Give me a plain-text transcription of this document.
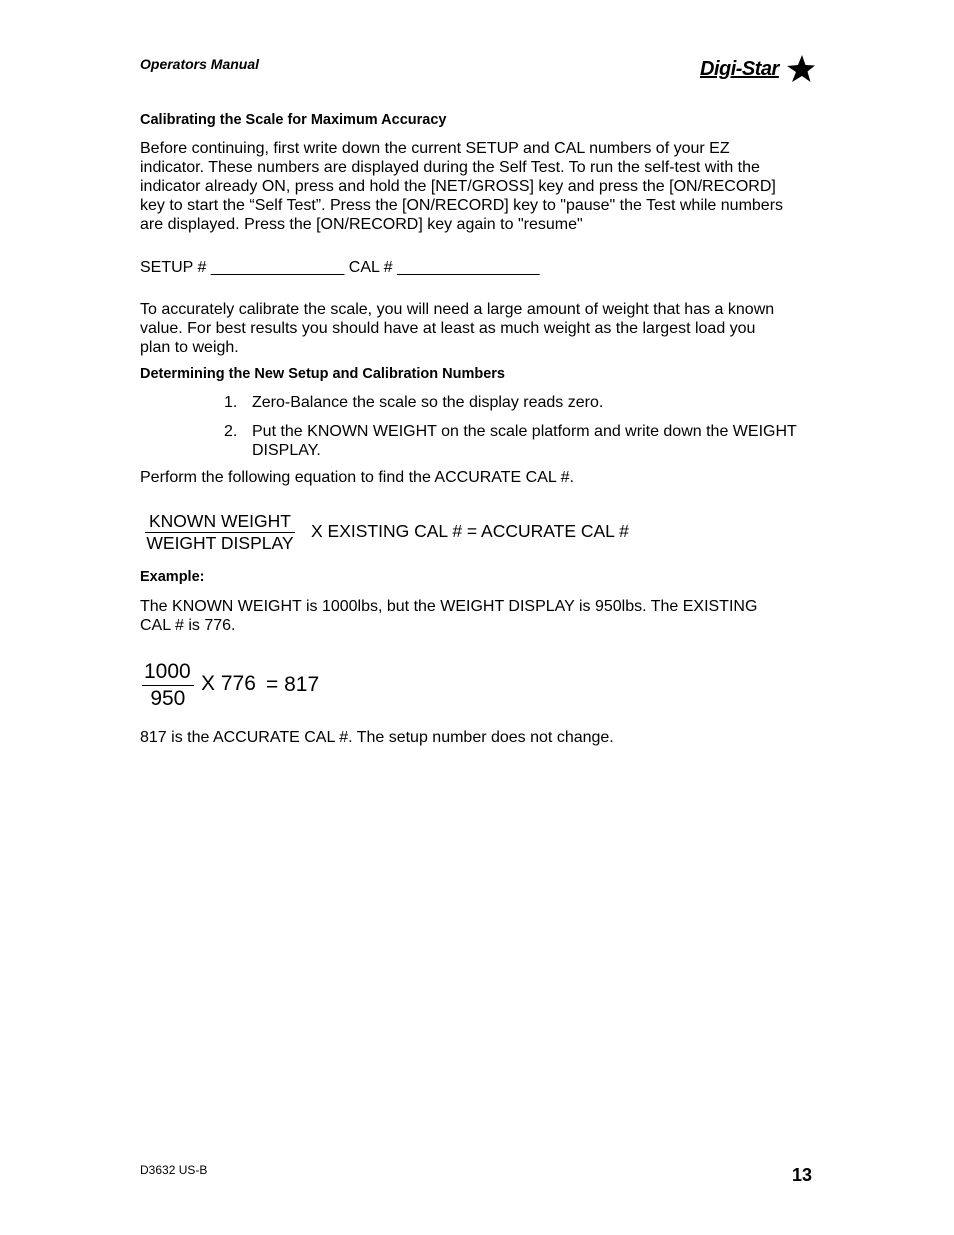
Operators Manual	Digi-Star
Calibrating the Scale for Maximum Accuracy
Before continuing, first write down the current SETUP and CAL numbers of your EZ
indicator. These numbers are displayed during the Self Test. To run the self-test with the
indicator already ON, press and hold the [NET/GROSS] key and press the [ON/RECORD]
key to start the “Self Test”. Press the [ON/RECORD] key to "pause" the Test while numbers
are displayed. Press the [ON/RECORD] key again to "resume"
SETUP # _______________ CAL # ________________
To accurately calibrate the scale, you will need a large amount of weight that has a known
value. For best results you should have at least as much weight as the largest load you
plan to weigh.
Determining the New Setup and Calibration Numbers
1. Zero-Balance the scale so the display reads zero.
2. Put the KNOWN WEIGHT on the scale platform and write down the WEIGHT
DISPLAY.
Perform the following equation to find the ACCURATE CAL #.
$\frac{\text{KNOWN WEIGHT}}{\text{WEIGHT DISPLAY}}$ X EXISTING CAL # = ACCURATE CAL #
Example:
The KNOWN WEIGHT is 1000lbs, but the WEIGHT DISPLAY is 950lbs. The EXISTING
CAL # is 776.
$\frac{1000}{950}$ X 776 = 817
817 is the ACCURATE CAL #. The setup number does not change.
D3632 US-B	13
